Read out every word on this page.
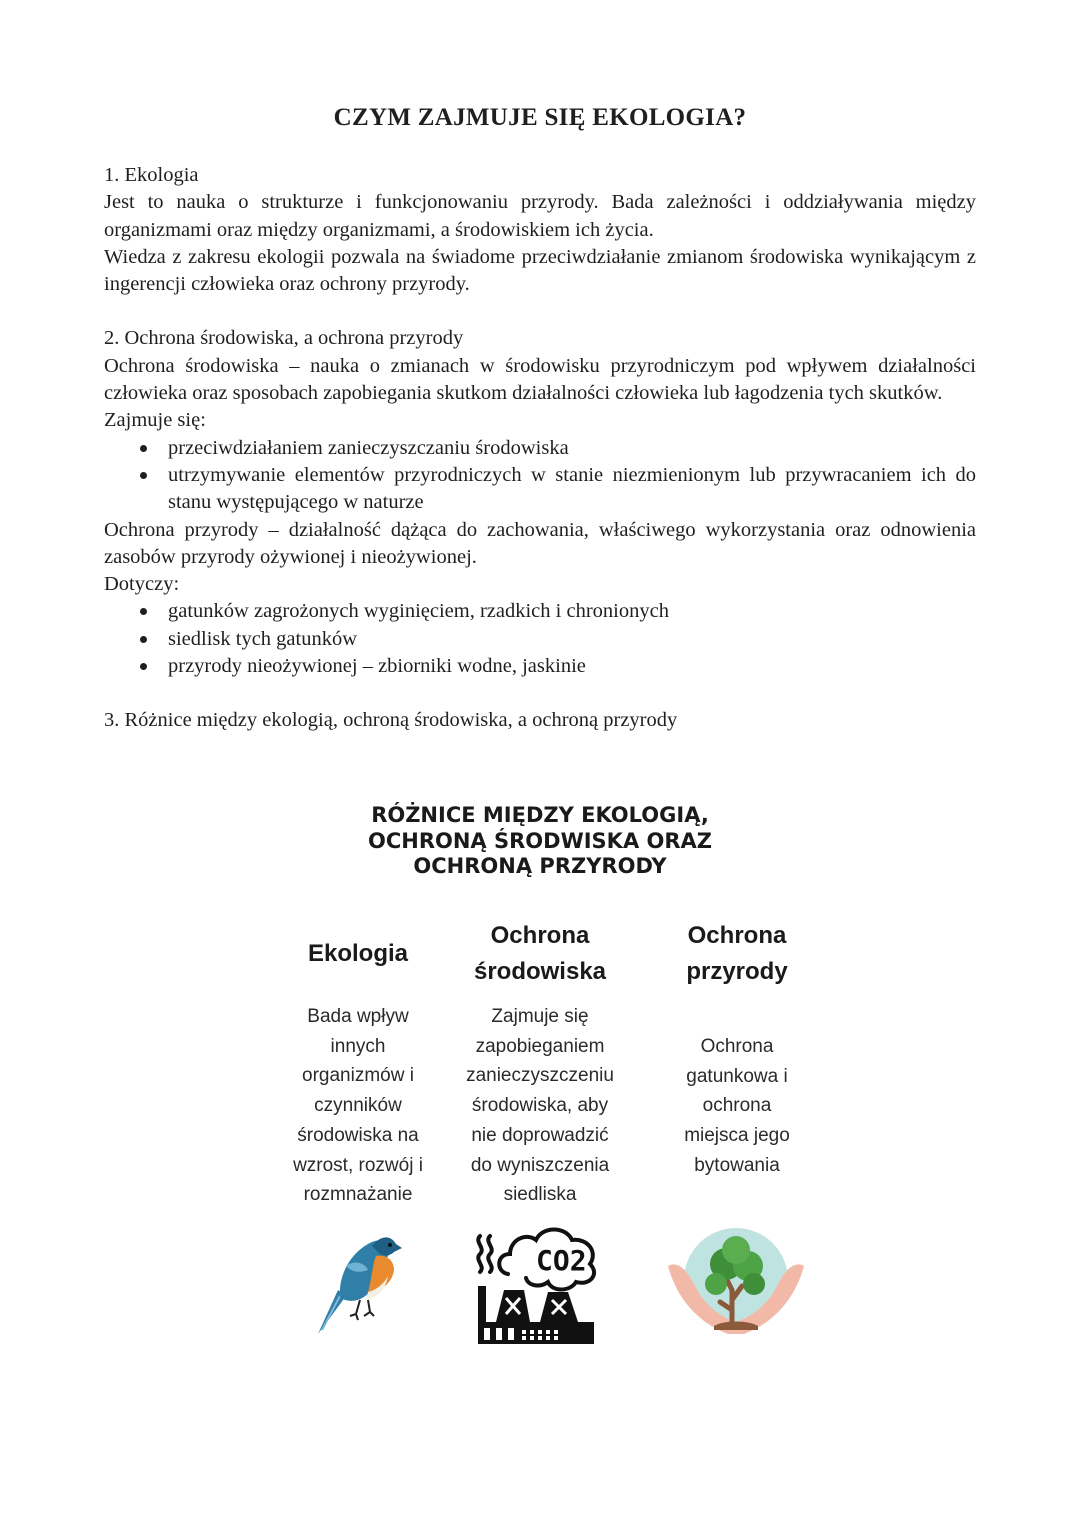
CZYM ZAJMUJE SIĘ EKOLOGIA?

1. Ekologia

Jest to nauka o strukturze i funkcjonowaniu przyrody. Bada zależności i oddziaływania między organizmami oraz między organizmami, a środowiskiem ich życia.

Wiedza z zakresu ekologii pozwala na świadome przeciwdziałanie zmianom środowiska wynikającym z ingerencji człowieka oraz ochrony przyrody.

2. Ochrona środowiska, a ochrona przyrody

Ochrona środowiska – nauka o zmianach w środowisku przyrodniczym pod wpływem działalności człowieka oraz sposobach zapobiegania skutkom działalności człowieka lub łagodzenia tych skutków.

Zajmuje się:

przeciwdziałaniem zanieczyszczaniu środowiska
utrzymywanie elementów przyrodniczych w stanie niezmienionym lub przywracaniem ich do stanu występującego w naturze

Ochrona przyrody – działalność dążąca do zachowania, właściwego wykorzystania oraz odnowienia zasobów przyrody ożywionej i nieożywionej.

Dotyczy:

gatunków zagrożonych wyginięciem, rzadkich i chronionych
siedlisk tych gatunków
przyrody nieożywionej – zbiorniki wodne, jaskinie

3. Różnice między ekologią, ochroną środowiska, a ochroną przyrody

RÓŻNICE MIĘDZY EKOLOGIĄ,
OCHRONĄ ŚRODWISKA ORAZ
OCHRONĄ PRZYRODY
Ekologia
Bada wpływ
innych
organizmów i
czynników
środowiska na
wzrost, rozwój i
rozmnażanie
Ochrona
środowiska
Zajmuje się
zapobieganiem
zanieczyszczeniu
środowiska, aby
nie doprowadzić
do wyniszczenia
siedliska
Ochrona
przyrody
Ochrona
gatunkowa i
ochrona
miejsca jego
bytowania
CO2
